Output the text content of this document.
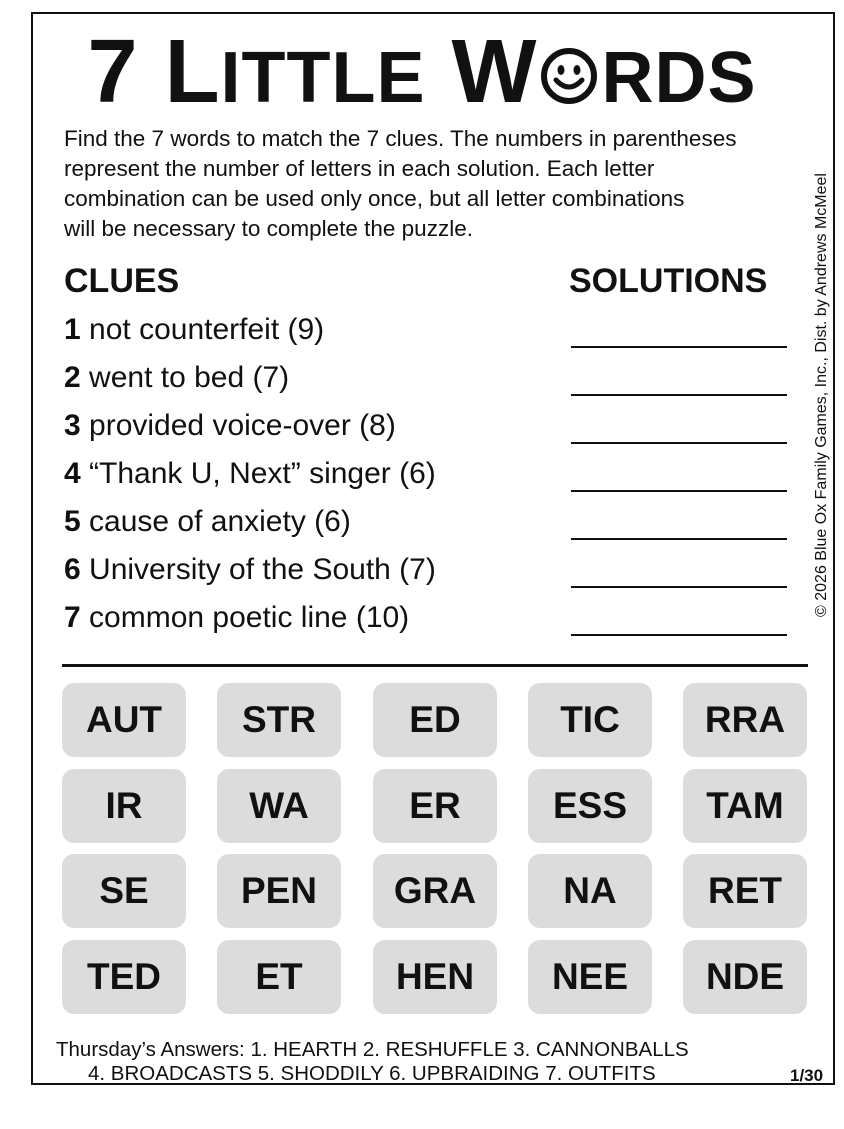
7 LITTLE W RDS
Find the 7 words to match the 7 clues. The numbers in parentheses
represent the number of letters in each solution. Each letter
combination can be used only once, but all letter combinations
will be necessary to complete the puzzle.	© 2026 Blue Ox Family Games, Inc., Dist. by Andrews McMeel
CLUES	SOLUTIONS
1 not counterfeit (9)
2 went to bed (7)
3 provided voice-over (8)
4 “Thank U, Next” singer (6)
5 cause of anxiety (6)
6 University of the South (7)
7 common poetic line (10)
AUT	STR	ED	TIC	RRA
IR	WA	ER	ESS	TAM
SE	PEN	GRA	NA	RET
TED	ET	HEN	NEE	NDE
Thursday’s Answers: 1. HEARTH 2. RESHUFFLE 3. CANNONBALLS
4. BROADCASTS 5. SHODDILY 6. UPBRAIDING 7. OUTFITS	1/30
